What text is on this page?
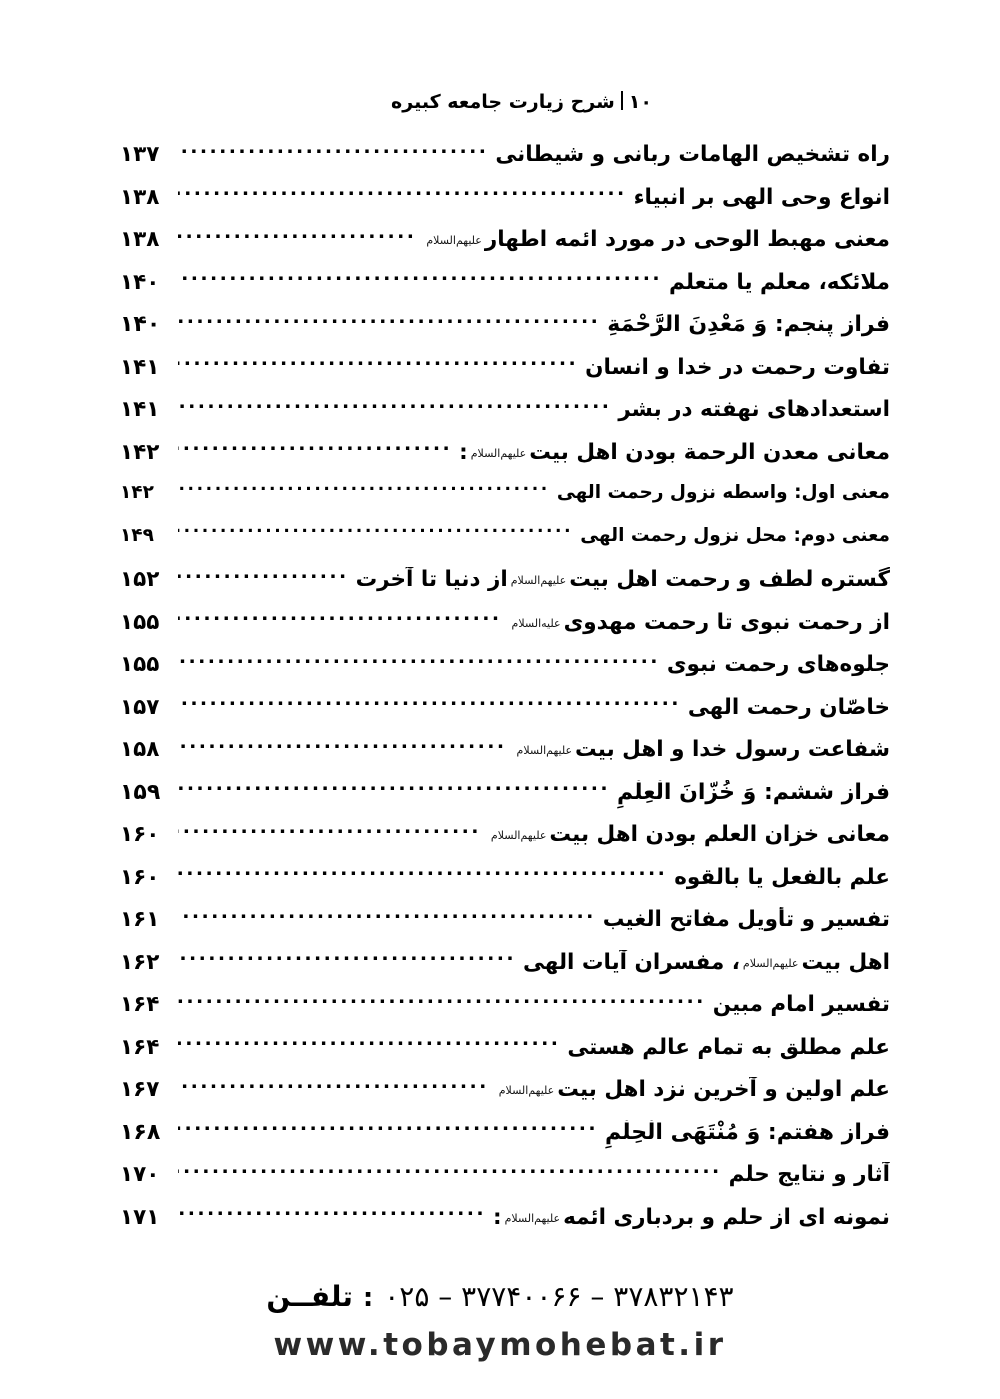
۱۰
شرح زیارت جامعه کبیره
راه تشخیص الهامات ربانی و شیطانی
.....
۱۳۷
انواع وحی الهی بر انبیاء
.....
۱۳۸
معنی مهبط الوحی در مورد ائمه اطهار
علیهم‌السلام
.....
۱۳۸
ملائکه، معلم یا متعلم
.....
۱۴۰
فراز پنجم: وَ مَعْدِنَ الرَّحْمَةِ
.....
۱۴۰
تفاوت رحمت در خدا و انسان
.....
۱۴۱
استعدادهای نهفته در بشر
.....
۱۴۱
معانی معدن الرحمة بودن اهل بیت
علیهم‌السلام
:
.....
۱۴۲
معنی اول: واسطه نزول رحمت الهی
.....
۱۴۲
معنی دوم: محل نزول رحمت الهی
.....
۱۴۹
گستره لطف و رحمت اهل بیت
علیهم‌السلام
از دنیا تا آخرت
.....
۱۵۲
از رحمت نبوی تا رحمت مهدوی
علیه‌السلام
.....
۱۵۵
جلوه‌های رحمت نبوی
.....
۱۵۵
خاصّان رحمت الهی
.....
۱۵۷
شفاعت رسول خدا و اهل بیت
علیهم‌السلام
.....
۱۵۸
فراز ششم: وَ خُزّانَ الْعِلْمِ
.....
۱۵۹
معانی خزان العلم بودن اهل بیت
علیهم‌السلام
.....
۱۶۰
علم بالفعل یا بالقوه
.....
۱۶۰
تفسیر و تأویل مفاتح الغیب
.....
۱۶۱
اهل بیت
علیهم‌السلام
، مفسران آیات الهی
.....
۱۶۲
تفسیر امام مبین
.....
۱۶۴
علم مطلق به تمام عالم هستی
.....
۱۶۴
علم اولین و آخرین نزد اهل بیت
علیهم‌السلام
.....
۱۶۷
فراز هفتم: وَ مُنْتَهَی الْحِلْمِ
.....
۱۶۸
آثار و نتایج حلم
.....
۱۷۰
نمونه ای از حلم و بردباری ائمه
علیهم‌السلام
:
.....
۱۷۱
۰۲۵ – ۳۷۷۴۰۰۶۶ – ۳۷۸۳۲۱۴۳
:
تلفــن
www.tobaymohebat.ir
